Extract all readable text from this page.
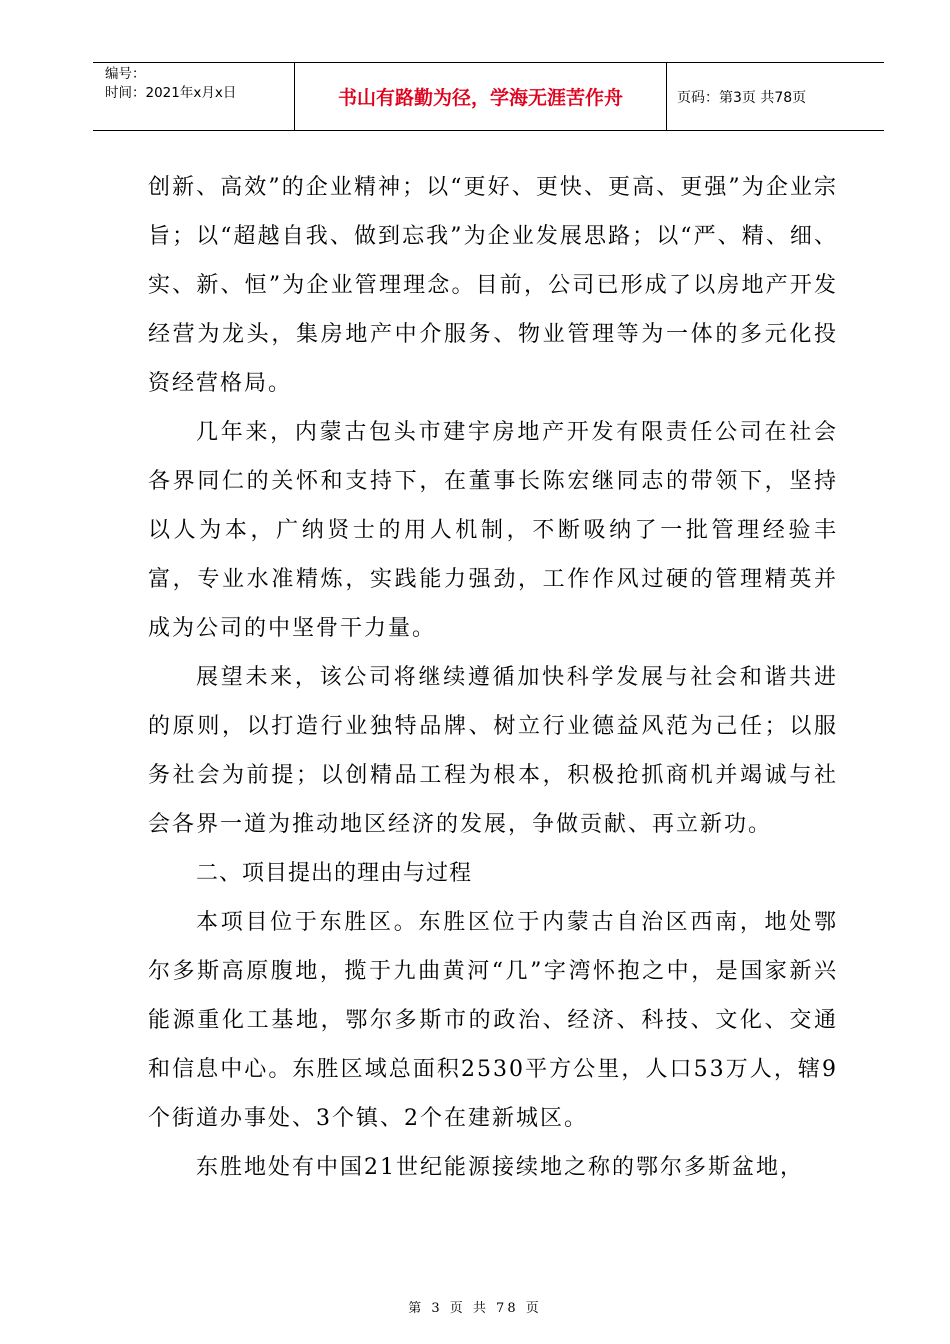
编号：
时间：2021年x月x日	书山有路勤为径，学海无涯苦作舟	页码：第3页 共78页

创新、高效”的企业精神；以“更好、更快、更高、更强”为企业宗旨；以“超越自我、做到忘我”为企业发展思路；以“严、精、细、实、新、恒”为企业管理理念。目前，公司已形成了以房地产开发经营为龙头，集房地产中介服务、物业管理等为一体的多元化投资经营格局。

几年来，内蒙古包头市建宇房地产开发有限责任公司在社会各界同仁的关怀和支持下，在董事长陈宏继同志的带领下，坚持以人为本，广纳贤士的用人机制，不断吸纳了一批管理经验丰富，专业水准精炼，实践能力强劲，工作作风过硬的管理精英并成为公司的中坚骨干力量。

展望未来，该公司将继续遵循加快科学发展与社会和谐共进的原则，以打造行业独特品牌、树立行业德益风范为己任；以服务社会为前提；以创精品工程为根本，积极抢抓商机并竭诚与社会各界一道为推动地区经济的发展，争做贡献、再立新功。

二、项目提出的理由与过程

本项目位于东胜区。东胜区位于内蒙古自治区西南，地处鄂尔多斯高原腹地，揽于九曲黄河“几”字湾怀抱之中，是国家新兴能源重化工基地，鄂尔多斯市的政治、经济、科技、文化、交通和信息中心。东胜区域总面积2530平方公里，人口53万人，辖9个街道办事处、3个镇、2个在建新城区。

东胜地处有中国21世纪能源接续地之称的鄂尔多斯盆地，

第 3 页 共 78 页
